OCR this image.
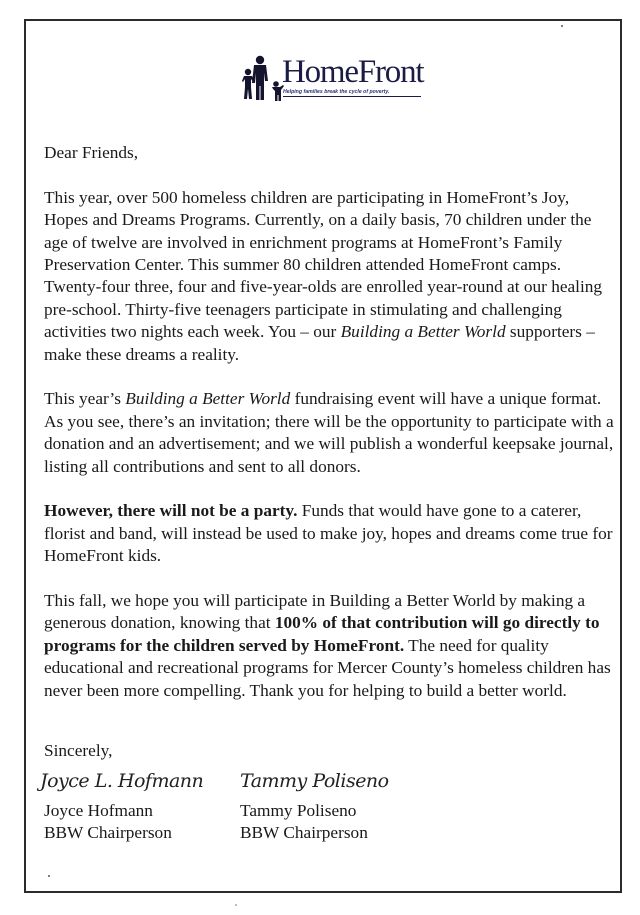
HomeFront
Helping families break the cycle of poverty.

Dear Friends,

This year, over 500 homeless children are participating in HomeFront’s Joy, Hopes and Dreams Programs. Currently, on a daily basis, 70 children under the age of twelve are involved in enrichment programs at HomeFront’s Family Preservation Center. This summer 80 children attended HomeFront camps. Twenty-four three, four and five-year-olds are enrolled year-round at our healing pre-school. Thirty-five teenagers participate in stimulating and challenging activities two nights each week. You – our Building a Better World supporters – make these dreams a reality.

This year’s Building a Better World fundraising event will have a unique format. As you see, there’s an invitation; there will be the opportunity to participate with a donation and an advertisement; and we will publish a wonderful keepsake journal, listing all contributions and sent to all donors.

However, there will not be a party. Funds that would have gone to a caterer, florist and band, will instead be used to make joy, hopes and dreams come true for HomeFront kids.

This fall, we hope you will participate in Building a Better World by making a generous donation, knowing that 100% of that contribution will go directly to programs for the children served by HomeFront. The need for quality educational and recreational programs for Mercer County’s homeless children has never been more compelling. Thank you for helping to build a better world.

Sincerely,
Joyce L. Hofmann
Joyce Hofmann
BBW Chairperson
Tammy Poliseno
Tammy Poliseno
BBW Chairperson
